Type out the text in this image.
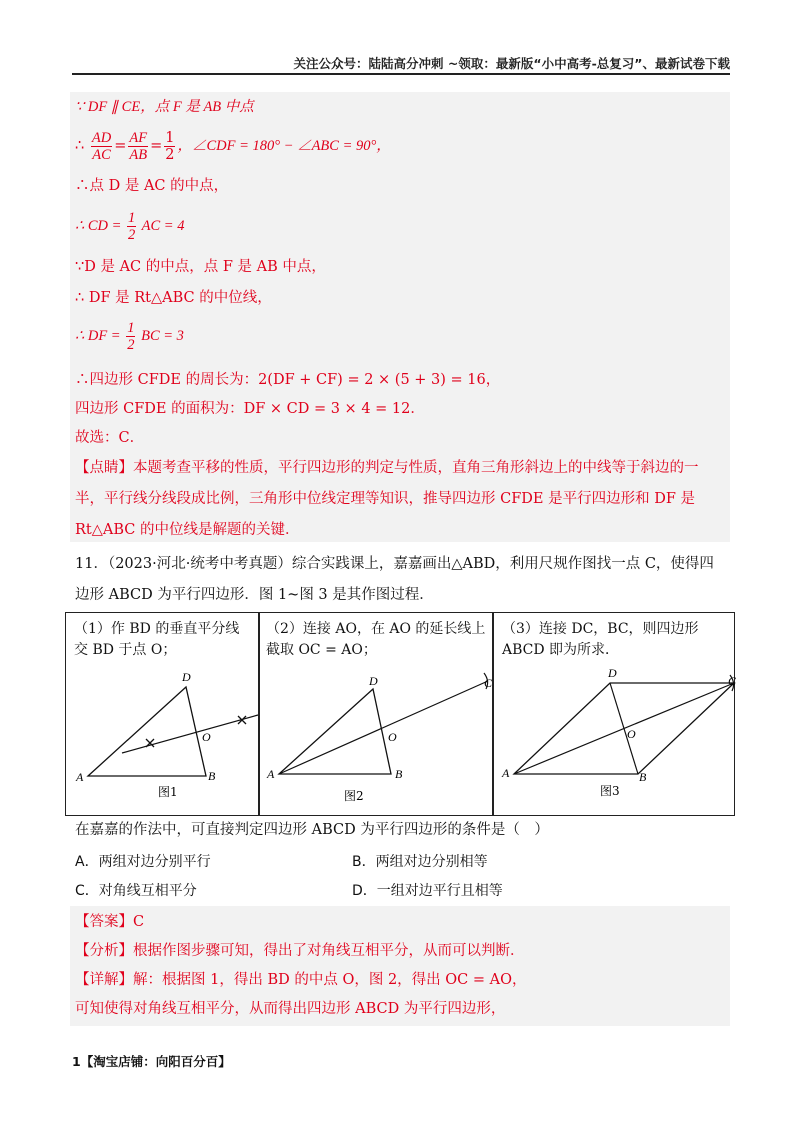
关注公众号：陆陆高分冲刺 ~领取：最新版“小中高考-总复习”、最新试卷下载
∵ DF ∥ CE，点 F 是 AB 中点
∴ $\frac{AD}{AC} = \frac{AF}{AB} = \frac{1}{2}$ ，∠CDF = 180° − ∠ABC = 90°，
∴点 D 是 AC 的中点，
∴ CD = $\frac{1}{2}$ AC = 4
∵D 是 AC 的中点，点 F 是 AB 中点，
∴ DF 是 Rt△ABC 的中位线，
∴ DF = $\frac{1}{2}$ BC = 3
∴四边形 CFDE 的周长为：2(DF + CF) = 2 × (5 + 3) = 16，
四边形 CFDE 的面积为：DF × CD = 3 × 4 = 12．
故选：C．
【点睛】本题考查平移的性质，平行四边形的判定与性质，直角三角形斜边上的中线等于斜边的一半，平行线分线段成比例，三角形中位线定理等知识，推导四边形 CFDE 是平行四边形和 DF 是 Rt△ABC 的中位线是解题的关键．
11．（2023·河北·统考中考真题）综合实践课上，嘉嘉画出△ABD，利用尺规作图找一点 C，使得四边形 ABCD 为平行四边形．图 1~图 3 是其作图过程．
（1）作 BD 的垂直平分线交 BD 于点 O；
（2）连接 AO，在 AO 的延长线上截取 OC = AO；
（3）连接 DC，BC，则四边形 ABCD 即为所求．
A	B
D
O
图1
A	B
D
O
C
图2
A	B
D
O
C
图3
在嘉嘉的作法中，可直接判定四边形 ABCD 为平行四边形的条件是（　）
A．两组对边分别平行	B．两组对边分别相等
C．对角线互相平分	D．一组对边平行且相等
【答案】C
【分析】根据作图步骤可知，得出了对角线互相平分，从而可以判断．
【详解】解：根据图 1，得出 BD 的中点 O，图 2，得出 OC = AO，
可知使得对角线互相平分，从而得出四边形 ABCD 为平行四边形，
1【淘宝店铺：向阳百分百】
